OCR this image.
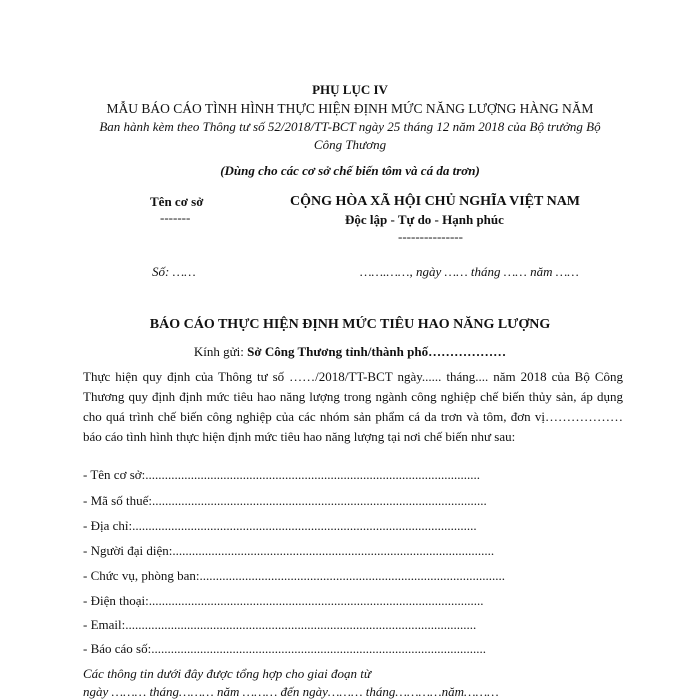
PHỤ LỤC IV
MẪU BÁO CÁO TÌNH HÌNH THỰC HIỆN ĐỊNH MỨC NĂNG LƯỢNG HÀNG NĂM
Ban hành kèm theo Thông tư số 52/2018/TT-BCT ngày 25 tháng 12 năm 2018 của Bộ trưởng Bộ
Công Thương
(Dùng cho các cơ sở chế biến tôm và cá da trơn)
Tên cơ sở
-------
Số: ……
CỘNG HÒA XÃ HỘI CHỦ NGHĨA VIỆT NAM
Độc lập - Tự do - Hạnh phúc
---------------
…….……, ngày …… tháng …… năm ……
BÁO CÁO THỰC HIỆN ĐỊNH MỨC TIÊU HAO NĂNG LƯỢNG
Kính gửi: Sở Công Thương tỉnh/thành phố………………
Thực hiện quy định của Thông tư số ……/2018/TT-BCT ngày...... tháng.... năm 2018 của Bộ Công Thương quy định định mức tiêu hao năng lượng trong ngành công nghiệp chế biến thủy sản, áp dụng cho quá trình chế biến công nghiệp của các nhóm sản phẩm cá da trơn và tôm, đơn vị……………… báo cáo tình hình thực hiện định mức tiêu hao năng lượng tại nơi chế biến như sau:
- Tên cơ sở:.......................................................................................................
- Mã số thuế:.......................................................................................................
- Địa chỉ:..........................................................................................................
- Người đại diện:...................................................................................................
- Chức vụ, phòng ban:..............................................................................................
- Điện thoại:.......................................................................................................
- Email:............................................................................................................
- Báo cáo số:.......................................................................................................
Các thông tin dưới đây được tổng hợp cho giai đoạn từ
ngày ……… tháng……… năm ……… đến ngày……… tháng…………năm………
